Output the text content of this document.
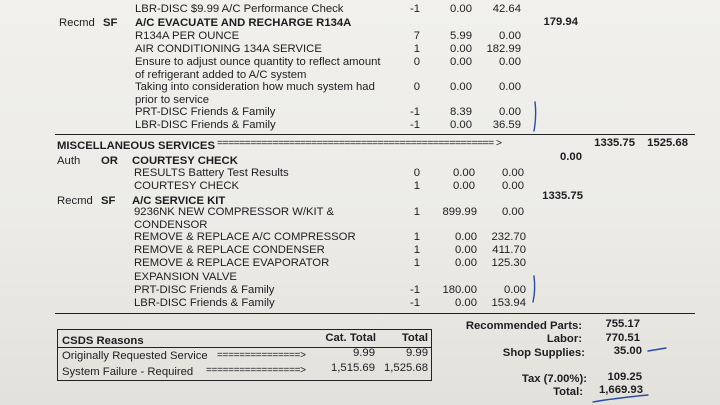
LBR-DISC $9.99 A/C Performance Check	-1	0.00	42.64
Recmd SF A/C EVACUATE AND RECHARGE R134A	179.94
R134A PER OUNCE	7	5.99	0.00
AIR CONDITIONING 134A SERVICE	1	0.00	182.99
Ensure to adjust ounce quantity to reflect amount	0	0.00	0.00
of refrigerant added to A/C system
Taking into consideration how much system had	0	0.00	0.00
prior to service
PRT-DISC Friends & Family	-1	8.39	0.00
LBR-DISC Friends & Family	-1	0.00	36.59
MISCELLANEOUS SERVICES ================================================== >	1335.75	1525.68
Auth OR COURTESY CHECK	0.00
RESULTS Battery Test Results	0	0.00	0.00
COURTESY CHECK	1	0.00	0.00
Recmd SF A/C SERVICE KIT	1335.75
9236NK NEW COMPRESSOR W/KIT &	1	899.99	0.00
CONDENSOR
REMOVE & REPLACE A/C COMPRESSOR	1	0.00	232.70
REMOVE & REPLACE CONDENSER	1	0.00	411.70
REMOVE & REPLACE EVAPORATOR	1	0.00	125.30
EXPANSION VALVE
PRT-DISC Friends & Family	-1	180.00	0.00
LBR-DISC Friends & Family	-1	0.00	153.94
CSDS Reasons	Cat. Total	Total
Originally Requested Service ===============>	9.99	9.99
System Failure - Required =================>	1,515.69 1,525.68
Recommended Parts:	755.17
Labor:	770.51
Shop Supplies:	35.00
Tax (7.00%):	109.25
Total:	1,669.93
